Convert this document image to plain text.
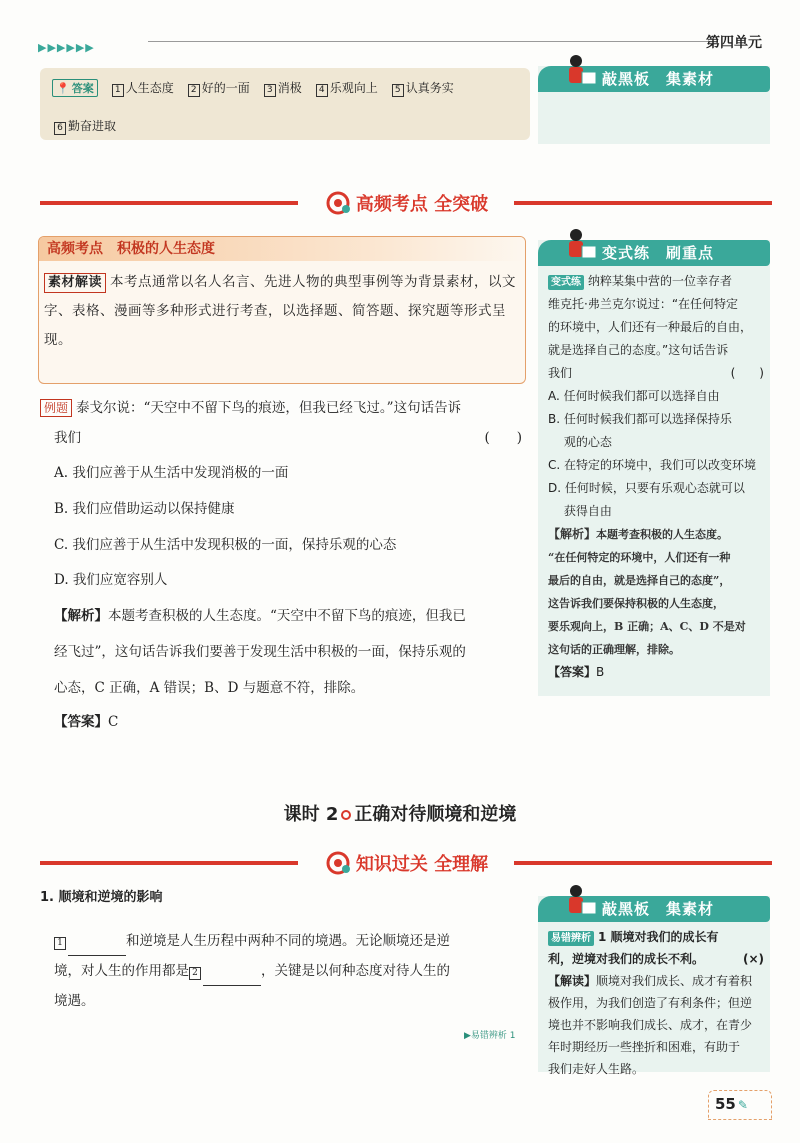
▶▶▶▶▶▶	第四单元
📍 答案	1 人生态度	2 好的一面	3 消极	4 乐观向上	5 认真务实
6 勤奋进取
敲黑板　集素材
高频考点 全突破
高频考点　积极的人生态度
素材解读 本考点通常以名人名言、先进人物的典型事例等为背景素材，以文字、表格、漫画等多种形式进行考查，以选择题、简答题、探究题等形式呈现。
例题 泰戈尔说：“天空中不留下鸟的痕迹，但我已经飞过。”这句话告诉
我们	(　　)
A. 我们应善于从生活中发现消极的一面
B. 我们应借助运动以保持健康
C. 我们应善于从生活中发现积极的一面，保持乐观的心态
D. 我们应宽容别人
【解析】本题考查积极的人生态度。“天空中不留下鸟的痕迹，但我已
经飞过”，这句话告诉我们要善于发现生活中积极的一面，保持乐观的
心态，C 正确，A 错误；B、D 与题意不符，排除。
【答案】C
变式练　刷重点
变式练 纳粹某集中营的一位幸存者
维克托·弗兰克尔说过：“在任何特定
的环境中，人们还有一种最后的自由，
就是选择自己的态度。”这句话告诉
我们	(　　)
A. 任何时候我们都可以选择自由
B. 任何时候我们都可以选择保持乐
　 观的心态
C. 在特定的环境中，我们可以改变环境
D. 任何时候，只要有乐观心态就可以
　 获得自由
【解析】本题考查积极的人生态度。
“在任何特定的环境中，人们还有一种
最后的自由，就是选择自己的态度”，
这告诉我们要保持积极的人生态度，
要乐观向上，B 正确；A、C、D 不是对
这句话的正确理解，排除。
【答案】B
课时 2 正确对待顺境和逆境
知识过关 全理解
1. 顺境和逆境的影响
1	和逆境是人生历程中两种不同的境遇。无论顺境还是逆
境，对人生的作用都是 2	，关键是以何种态度对待人生的
境遇。
▶易错辨析 1
敲黑板　集素材
易错辨析 1 顺境对我们的成长有
利，逆境对我们的成长不利。	(×)
【解读】顺境对我们成长、成才有着积
极作用，为我们创造了有利条件；但逆
境也并不影响我们成长、成才，在青少
年时期经历一些挫折和困难，有助于
我们走好人生路。
55 ✎
